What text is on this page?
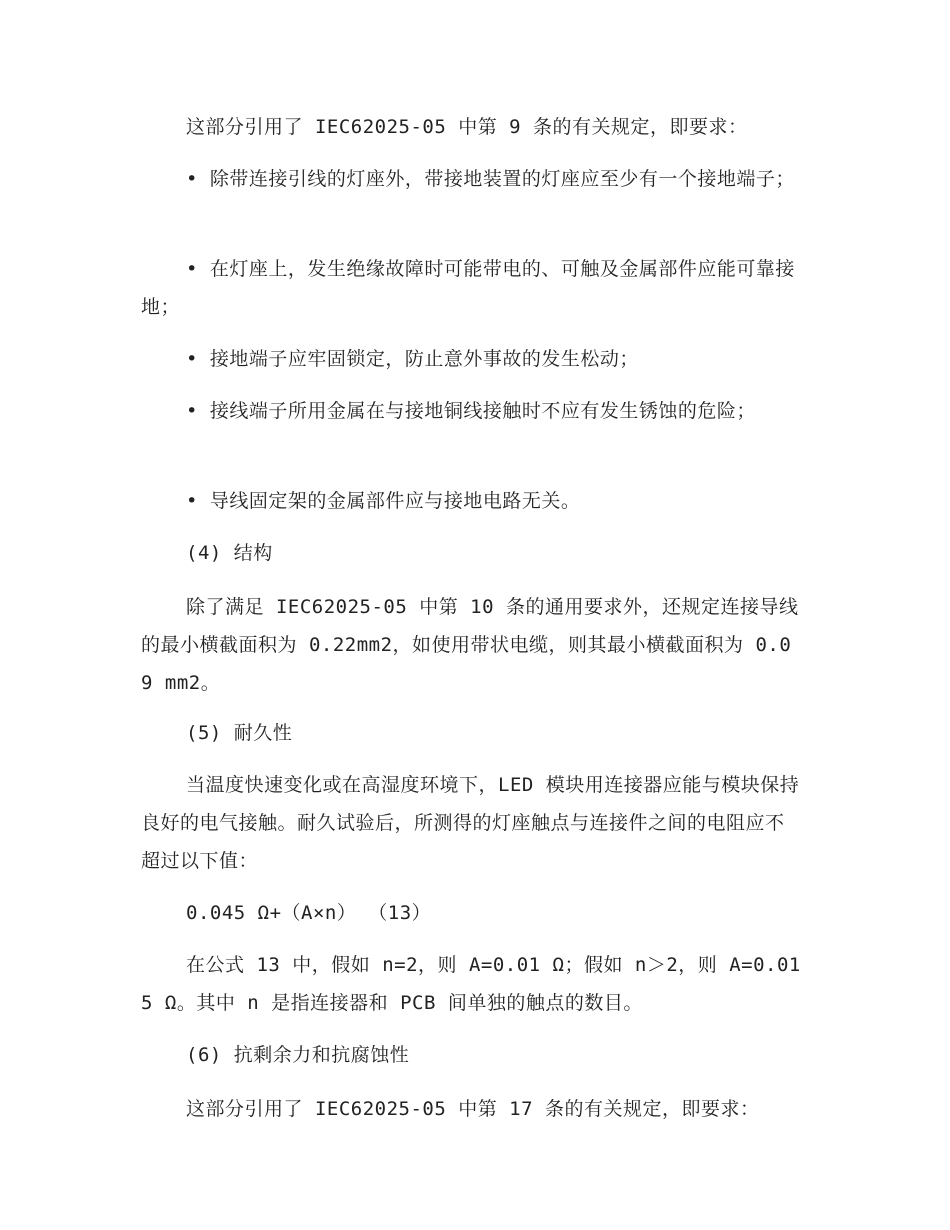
这部分引用了 IEC62025-05 中第 9 条的有关规定，即要求：

• 除带连接引线的灯座外，带接地装置的灯座应至少有一个接地端子；

• 在灯座上，发生绝缘故障时可能带电的、可触及金属部件应能可靠接地；

• 接地端子应牢固锁定，防止意外事故的发生松动；

• 接线端子所用金属在与接地铜线接触时不应有发生锈蚀的危险；

• 导线固定架的金属部件应与接地电路无关。

(4) 结构

除了满足 IEC62025-05 中第 10 条的通用要求外，还规定连接导线的最小横截面积为 0.22mm2，如使用带状电缆，则其最小横截面积为 0.09 mm2。

(5) 耐久性

当温度快速变化或在高湿度环境下，LED 模块用连接器应能与模块保持良好的电气接触。耐久试验后，所测得的灯座触点与连接件之间的电阻应不超过以下值：

0.045 Ω+（A×n） （13）

在公式 13 中，假如 n=2，则 A=0.01 Ω；假如 n＞2，则 A=0.015 Ω。其中 n 是指连接器和 PCB 间单独的触点的数目。

(6) 抗剩余力和抗腐蚀性

这部分引用了 IEC62025-05 中第 17 条的有关规定，即要求：
